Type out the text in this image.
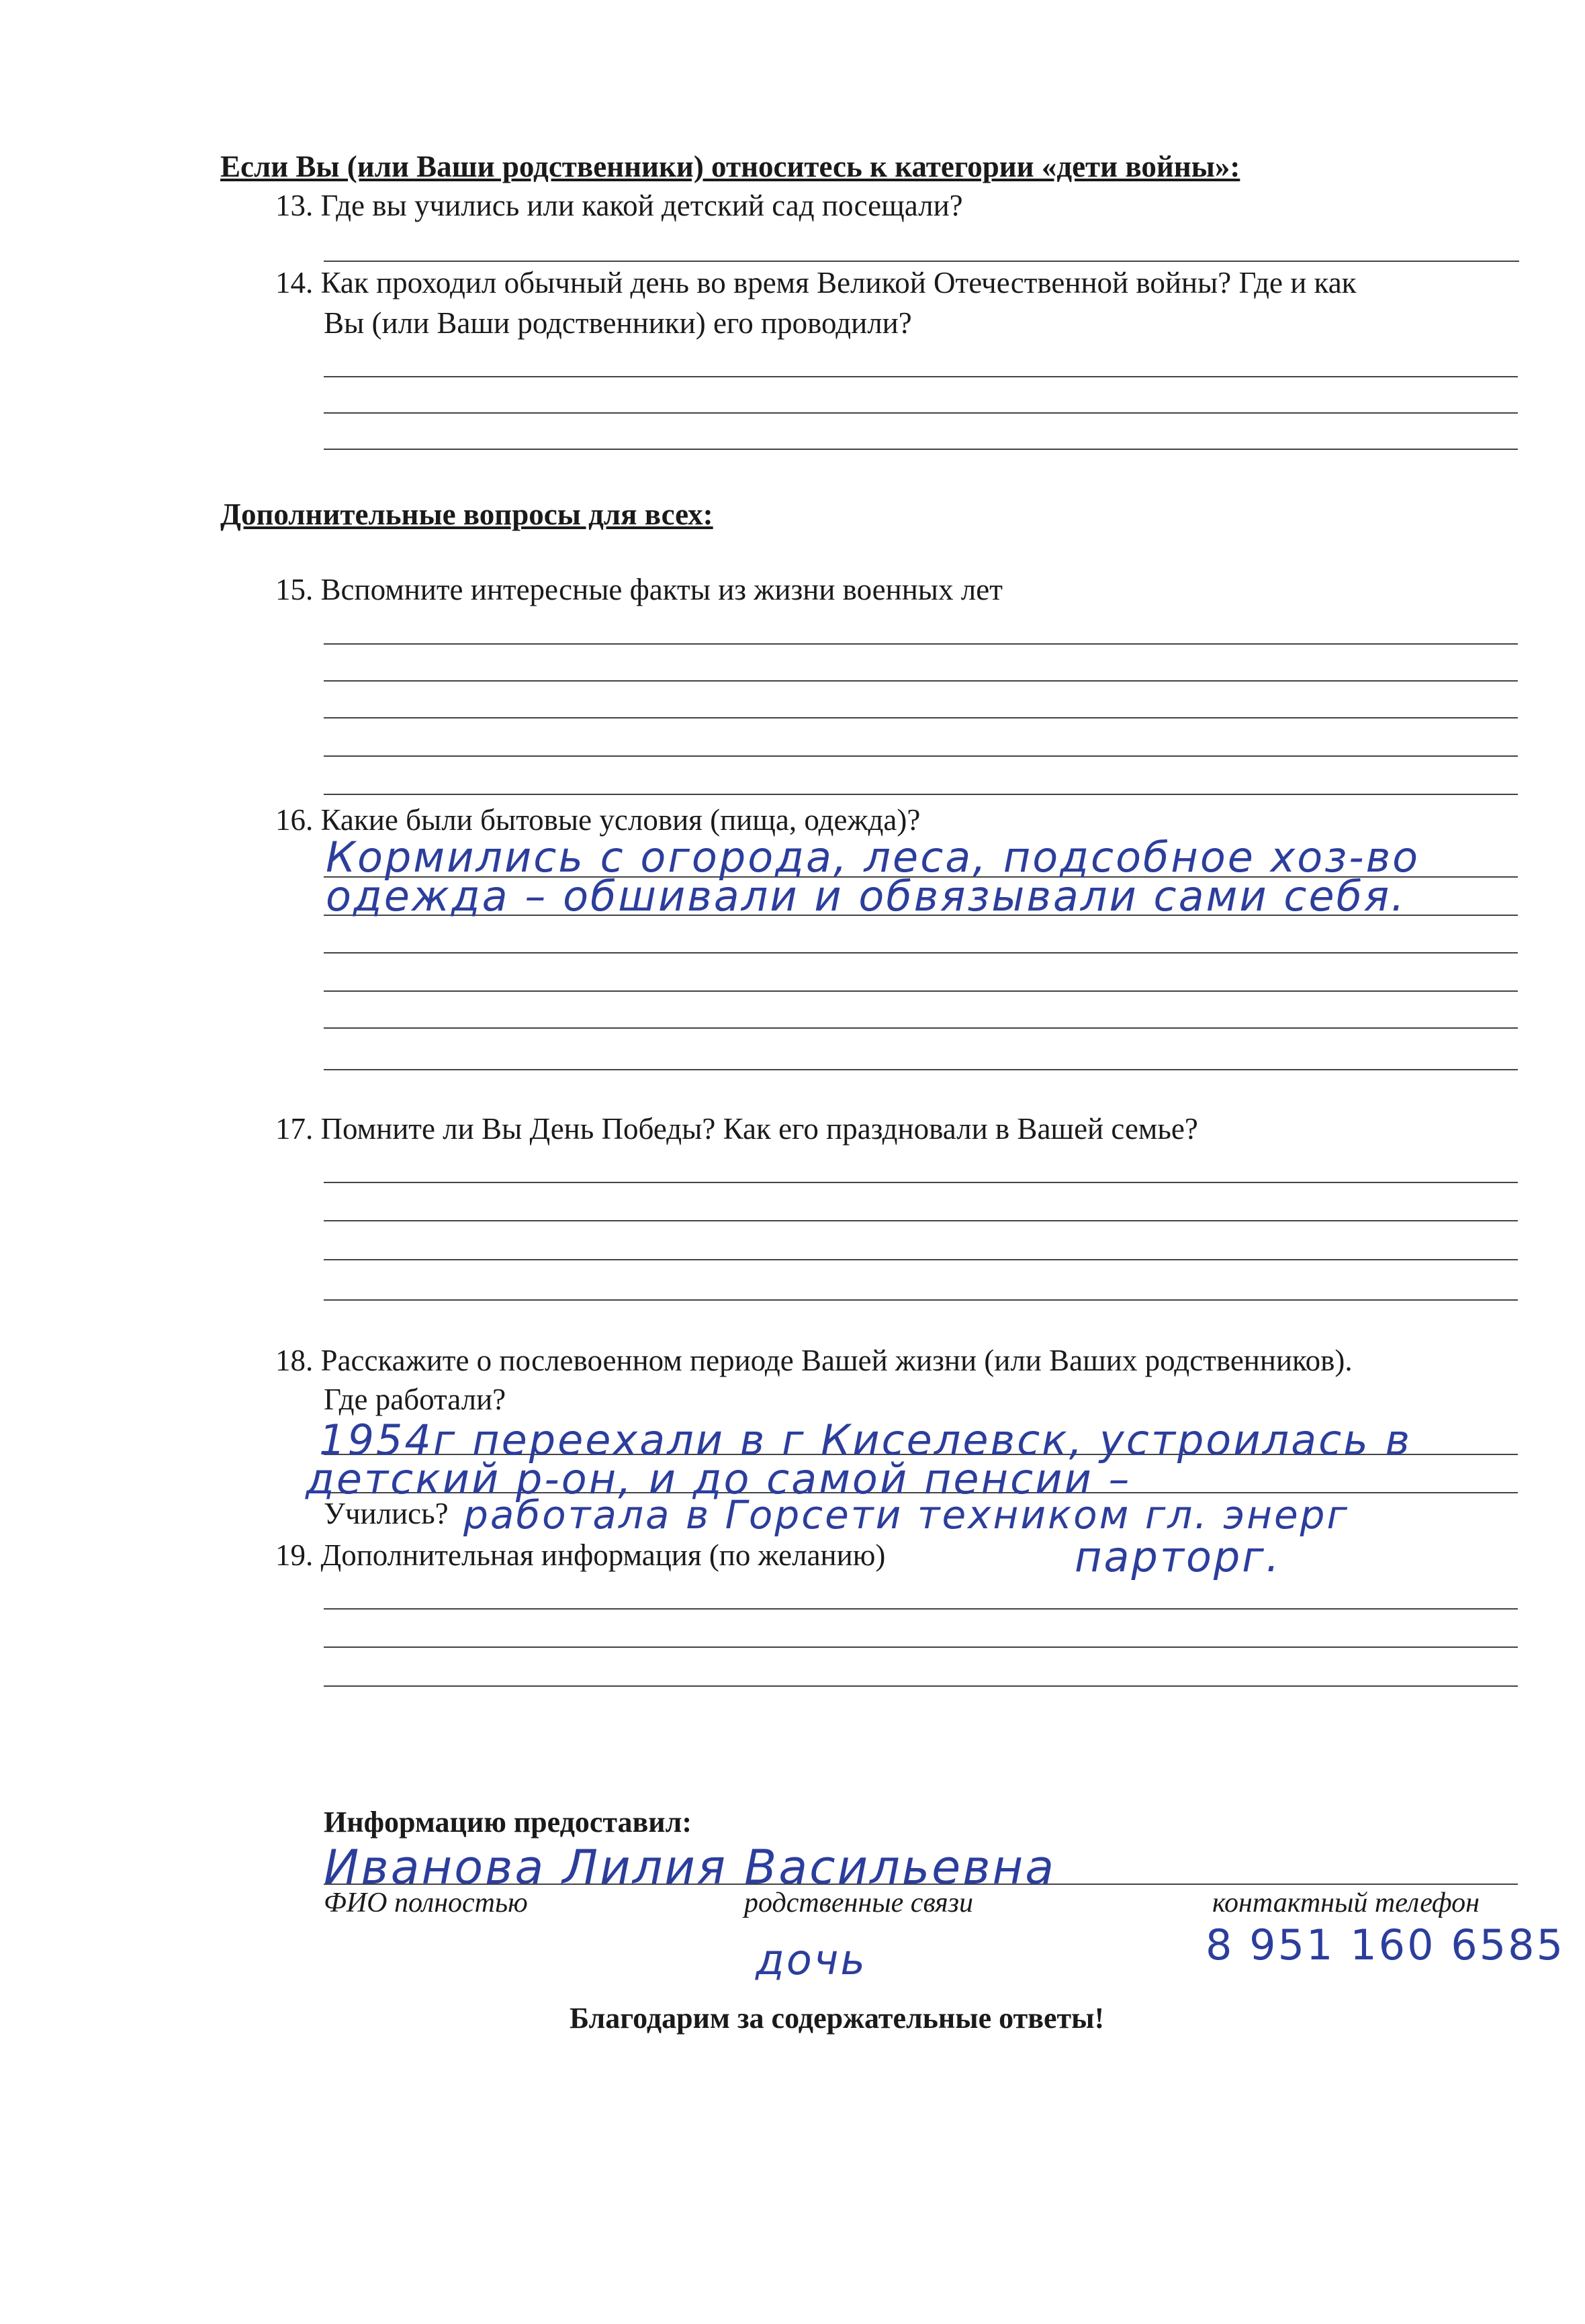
Если Вы (или Ваши родственники) относитесь к категории «дети войны»:
13. Где вы учились или какой детский сад посещали?
14. Как проходил обычный день во время Великой Отечественной войны? Где и как
Вы (или Ваши родственники) его проводили?
Дополнительные вопросы для всех:
15. Вспомните интересные факты из жизни военных лет
16. Какие были бытовые условия (пища, одежда)?
Кормились с огорода, леса, подсобное хоз-во
одежда – обшивали и обвязывали сами себя.
17. Помните ли Вы День Победы? Как его праздновали в Вашей семье?
18. Расскажите о послевоенном периоде Вашей жизни (или Ваших родственников).
Где работали?
Учились?
1954г переехали в г Киселевск, устроилась в
детский р-он, и до самой пенсии –
работала в Горсети техником гл. энерг
парторг.
19. Дополнительная информация (по желанию)
Информацию предоставил:
Иванова Лилия Васильевна
ФИО полностью	родственные связи	контактный телефон
дочь	8 951 160 6585
Благодарим за содержательные ответы!
